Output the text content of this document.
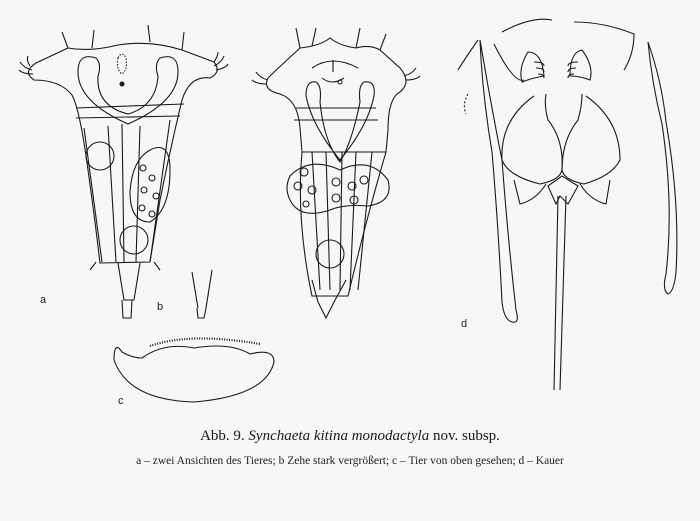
a
b
c
d
Abb. 9. Synchaeta kitina monodactyla nov. subsp.
a – zwei Ansichten des Tieres; b Zehe stark vergrößert; c – Tier von oben gesehen; d – Kauer
